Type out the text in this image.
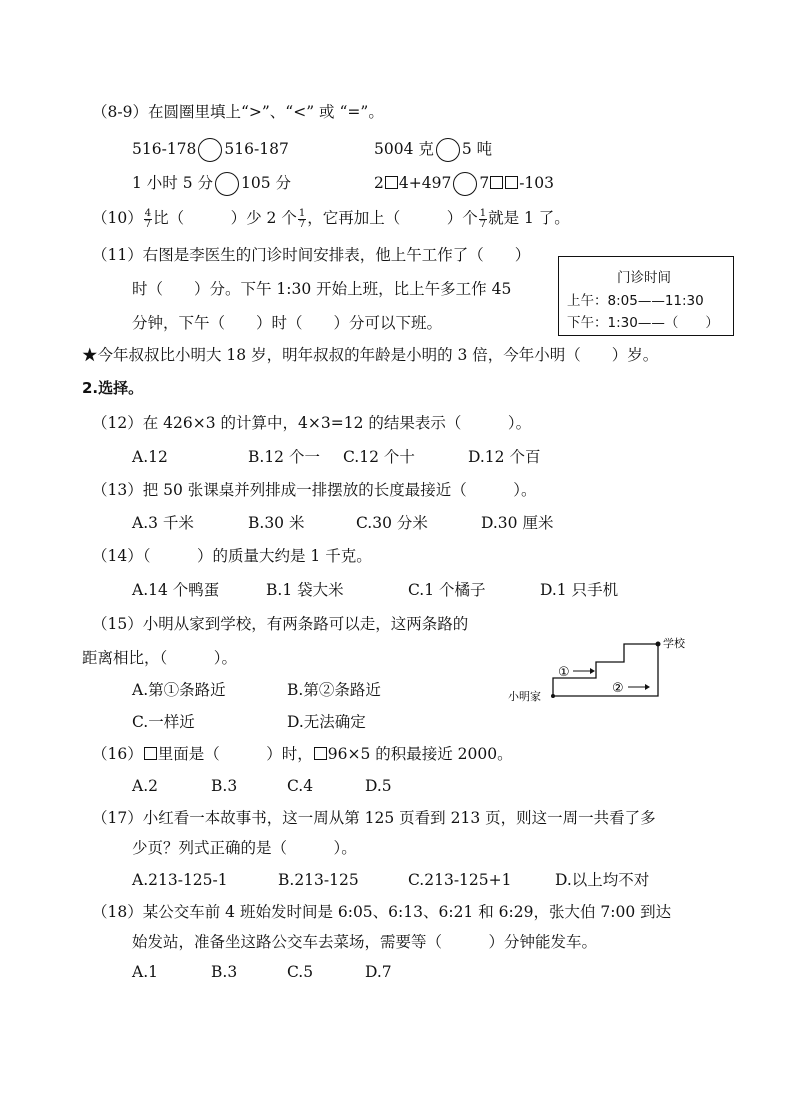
（8-9）在圆圈里填上“>”、“<” 或 “=”。
516-178 516-187	5004 克 5 吨
1 小时 5 分 105 分	2 4+497 7 -103
$(10) \frac{4}{7}$ 比（　　　）少 2 个 $\frac{1}{7}$ ，它再加上（　　　）个 $\frac{1}{7}$ 就是 1 了。
（11）右图是李医生的门诊时间安排表，他上午工作了（　　）
时（　　）分。下午 1:30 开始上班，比上午多工作 45
分钟，下午（　　）时（　　）分可以下班。
门诊时间
上午：8:05——11:30
下午：1:30——（　　）
★今年叔叔比小明大 18 岁，明年叔叔的年龄是小明的 3 倍，今年小明（　　）岁。
2.选择。
（12）在 426×3 的计算中，4×3=12 的结果表示（　　　）。
A.12	B.12 个一 C.12 个十	D.12 个百
（13）把 50 张课桌并列排成一排摆放的长度最接近（　　　）。
A.3 千米	B.30 米	C.30 分米	D.30 厘米
（14）（　　　）的质量大约是 1 千克。
A.14 个鸭蛋	B.1 袋大米	C.1 个橘子	D.1 只手机
（15）小明从家到学校，有两条路可以走，这两条路的
距离相比，（　　　）。
A.第①条路近	B.第②条路近
C.一样近	D.无法确定
小明家
学校
①
②
（16） 里面是（　　　）时， 96×5 的积最接近 2000。
A.2	B.3	C.4	D.5
（17）小红看一本故事书，这一周从第 125 页看到 213 页，则这一周一共看了多
少页？列式正确的是（　　　）。
A.213-125-1	B.213-125	C.213-125+1	D.以上均不对
（18）某公交车前 4 班始发时间是 6:05、6:13、6:21 和 6:29，张大伯 7:00 到达
始发站，准备坐这路公交车去菜场，需要等（　　　）分钟能发车。
A.1	B.3	C.5	D.7
